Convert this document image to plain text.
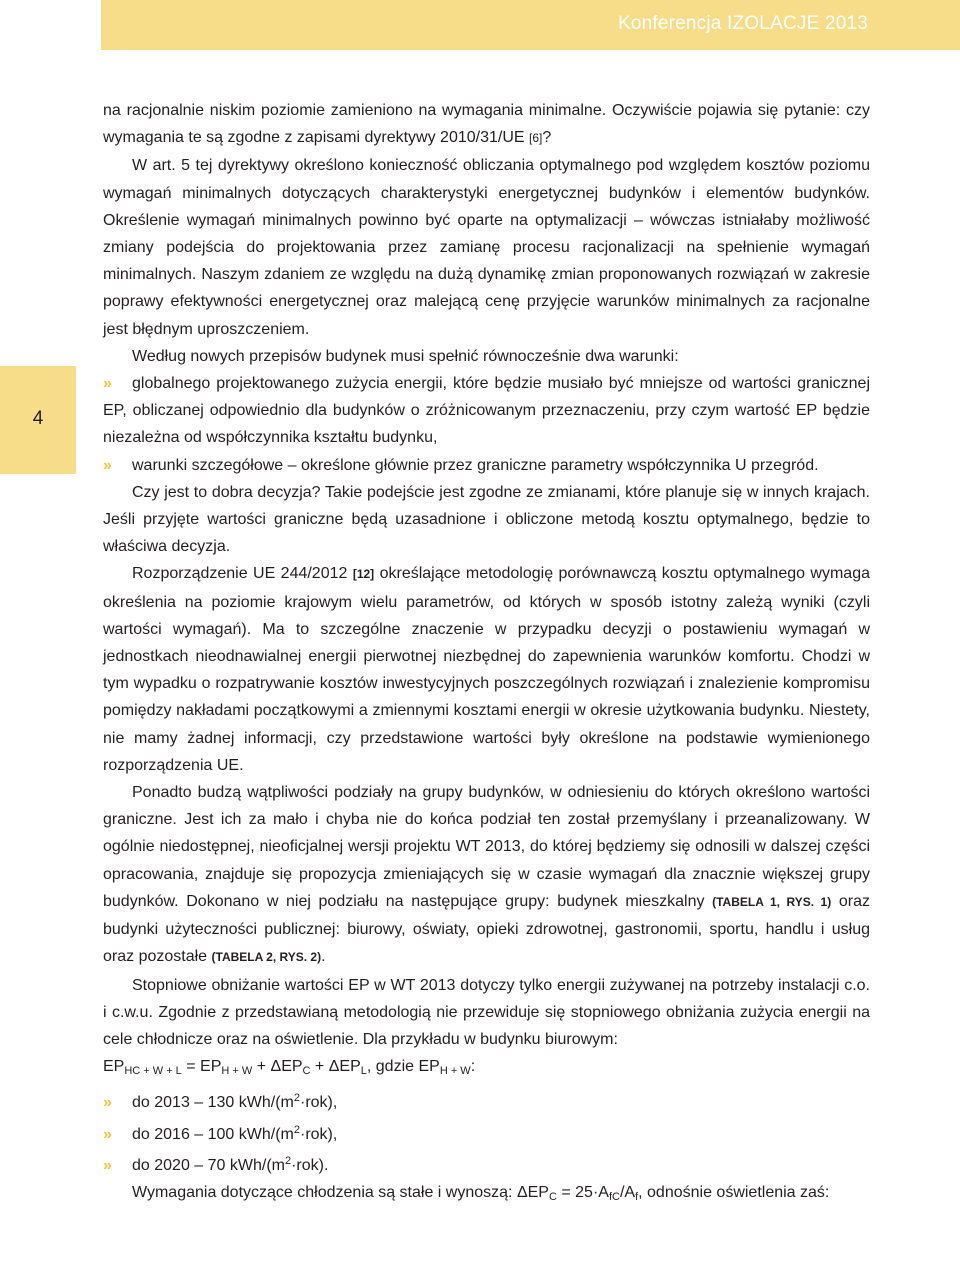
Konferencja IZOLACJE 2013
4

na racjonalnie niskim poziomie zamieniono na wymagania minimalne. Oczywiście pojawia się pytanie: czy wymagania te są zgodne z zapisami dyrektywy 2010/31/UE [6]?

W art. 5 tej dyrektywy określono konieczność obliczania optymalnego pod względem kosztów poziomu wymagań minimalnych dotyczących charakterystyki energetycznej budynków i elementów budynków. Określenie wymagań minimalnych powinno być oparte na optymalizacji – wówczas istniałaby możliwość zmiany podejścia do projektowania przez zamianę procesu racjonalizacji na spełnienie wymagań minimalnych. Naszym zdaniem ze względu na dużą dynamikę zmian proponowanych rozwiązań w zakresie poprawy efektywności energetycznej oraz malejącą cenę przyjęcie warunków minimalnych za racjonalne jest błędnym uproszczeniem.

Według nowych przepisów budynek musi spełnić równocześnie dwa warunki:

» globalnego projektowanego zużycia energii, które będzie musiało być mniejsze od wartości granicznej EP, obliczanej odpowiednio dla budynków o zróżnicowanym przeznaczeniu, przy czym wartość EP będzie niezależna od współczynnika kształtu budynku,

» warunki szczegółowe – określone głównie przez graniczne parametry współczynnika U przegród.

Czy jest to dobra decyzja? Takie podejście jest zgodne ze zmianami, które planuje się w innych krajach. Jeśli przyjęte wartości graniczne będą uzasadnione i obliczone metodą kosztu optymalnego, będzie to właściwa decyzja.

Rozporządzenie UE 244/2012 [12] określające metodologię porównawczą kosztu optymalnego wymaga określenia na poziomie krajowym wielu parametrów, od których w sposób istotny zależą wyniki (czyli wartości wymagań). Ma to szczególne znaczenie w przypadku decyzji o postawieniu wymagań w jednostkach nieodnawialnej energii pierwotnej niezbędnej do zapewnienia warunków komfortu. Chodzi w tym wypadku o rozpatrywanie kosztów inwestycyjnych poszczególnych rozwiązań i znalezienie kompromisu pomiędzy nakładami początkowymi a zmiennymi kosztami energii w okresie użytkowania budynku. Niestety, nie mamy żadnej informacji, czy przedstawione wartości były określone na podstawie wymienionego rozporządzenia UE.

Ponadto budzą wątpliwości podziały na grupy budynków, w odniesieniu do których określono wartości graniczne. Jest ich za mało i chyba nie do końca podział ten został przemyślany i przeanalizowany. W ogólnie niedostępnej, nieoficjalnej wersji projektu WT 2013, do której będziemy się odnosili w dalszej części opracowania, znajduje się propozycja zmieniających się w czasie wymagań dla znacznie większej grupy budynków. Dokonano w niej podziału na następujące grupy: budynek mieszkalny (TABELA 1, RYS. 1) oraz budynki użyteczności publicznej: biurowy, oświaty, opieki zdrowotnej, gastronomii, sportu, handlu i usług oraz pozostałe (TABELA 2, RYS. 2).

Stopniowe obniżanie wartości EP w WT 2013 dotyczy tylko energii zużywanej na potrzeby instalacji c.o. i c.w.u. Zgodnie z przedstawianą metodologią nie przewiduje się stopniowego obniżania zużycia energii na cele chłodnicze oraz na oświetlenie. Dla przykładu w budynku biurowym:

$EP_{HC + W + L} = EP_{H + W} + \Delta EP_C + \Delta EP_L$, gdzie $EP_{H + W}$:

»	do 2013 – 130 kWh/$(m^2\cdot rok)$,

»	do 2016 – 100 kWh/$(m^2\cdot rok)$,

»	do 2020 – 70 kWh/$(m^2\cdot rok)$.

Wymagania dotyczące chłodzenia są stałe i wynoszą: $\Delta EP_C = 25\cdot A_{fC}/A_f$, odnośnie oświetlenia zaś:
